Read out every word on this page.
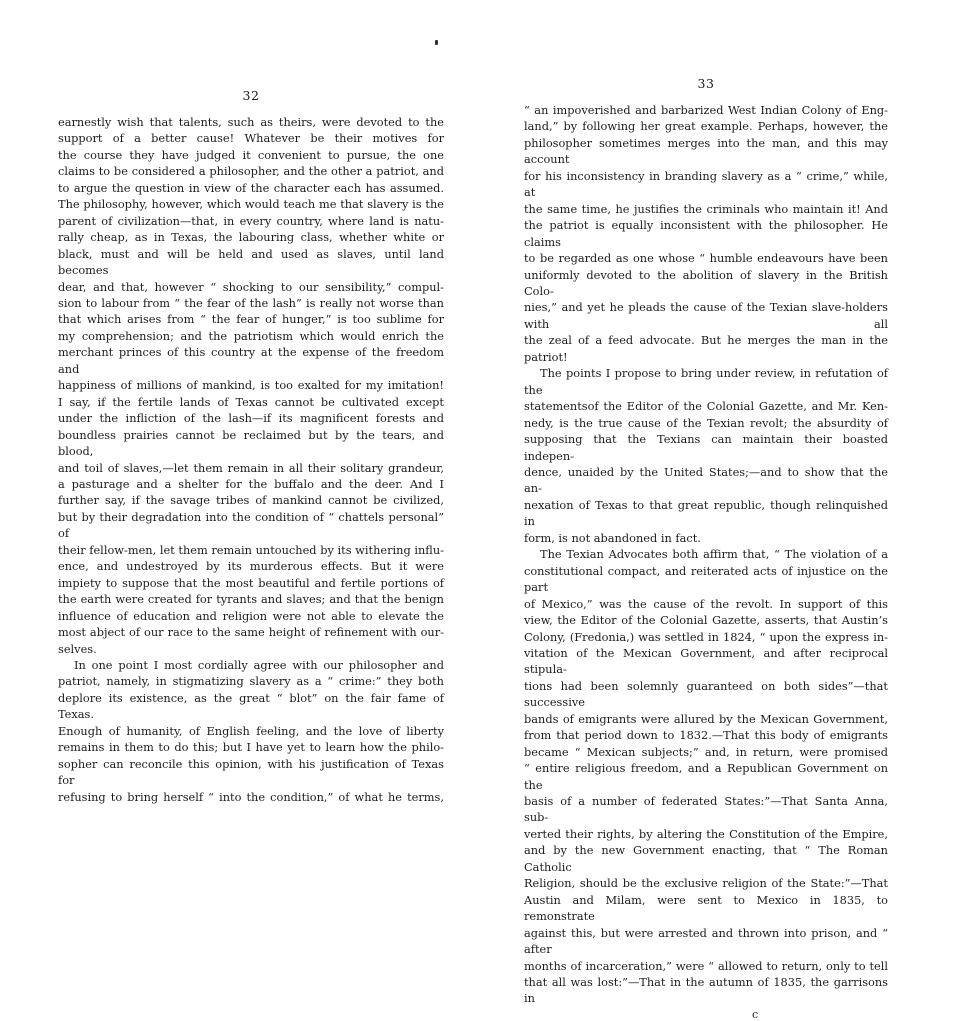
32

earnestly wish that talents, such as theirs, were devoted to the

support of a better cause! Whatever be their motives for

the course they have judged it convenient to pursue, the one

claims to be considered a philosopher, and the other a patriot, and

to argue the question in view of the character each has assumed.

The philosophy, however, which would teach me that slavery is the

parent of civilization—that, in every country, where land is natu-

rally cheap, as in Texas, the labouring class, whether white or

black, must and will be held and used as slaves, until land becomes

dear, and that, however “ shocking to our sensibility,” compul-

sion to labour from “ the fear of the lash” is really not worse than

that which arises from “ the fear of hunger,” is too sublime for

my comprehension; and the patriotism which would enrich the

merchant princes of this country at the expense of the freedom and

happiness of millions of mankind, is too exalted for my imitation!

I say, if the fertile lands of Texas cannot be cultivated except

under the infliction of the lash—if its magnificent forests and

boundless prairies cannot be reclaimed but by the tears, and blood,

and toil of slaves,—let them remain in all their solitary grandeur,

a pasturage and a shelter for the buffalo and the deer. And I

further say, if the savage tribes of mankind cannot be civilized,

but by their degradation into the condition of “ chattels personal” of

their fellow-men, let them remain untouched by its withering influ-

ence, and undestroyed by its murderous effects. But it were

impiety to suppose that the most beautiful and fertile portions of

the earth were created for tyrants and slaves; and that the benign

influence of education and religion were not able to elevate the

most abject of our race to the same height of refinement with our-

selves.

In one point I most cordially agree with our philosopher and

patriot, namely, in stigmatizing slavery as a “ crime:” they both

deplore its existence, as the great “ blot” on the fair fame of Texas.

Enough of humanity, of English feeling, and the love of liberty

remains in them to do this; but I have yet to learn how the philo-

sopher can reconcile this opinion, with his justification of Texas for

refusing to bring herself “ into the condition,” of what he terms,

33

“ an impoverished and barbarized West Indian Colony of Eng-

land,” by following her great example. Perhaps, however, the

philosopher sometimes merges into the man, and this may account

for his inconsistency in branding slavery as a “ crime,” while, at

the same time, he justifies the criminals who maintain it! And

the patriot is equally inconsistent with the philosopher. He claims

to be regarded as one whose “ humble endeavours have been

uniformly devoted to the abolition of slavery in the British Colo-

nies,” and yet he pleads the cause of the Texian slave-holders with all

the zeal of a feed advocate. But he merges the man in the patriot!

The points I propose to bring under review, in refutation of the

statementsof the Editor of the Colonial Gazette, and Mr. Ken-

nedy, is the true cause of the Texian revolt; the absurdity of

supposing that the Texians can maintain their boasted indepen-

dence, unaided by the United States;—and to show that the an-

nexation of Texas to that great republic, though relinquished in

form, is not abandoned in fact.

The Texian Advocates both affirm that, “ The violation of a

constitutional compact, and reiterated acts of injustice on the part

of Mexico,” was the cause of the revolt. In support of this

view, the Editor of the Colonial Gazette, asserts, that Austin’s

Colony, (Fredonia,) was settled in 1824, “ upon the express in-

vitation of the Mexican Government, and after reciprocal stipula-

tions had been solemnly guaranteed on both sides”—that successive

bands of emigrants were allured by the Mexican Government,

from that period down to 1832.—That this body of emigrants

became “ Mexican subjects;” and, in return, were promised

“ entire religious freedom, and a Republican Government on the

basis of a number of federated States:”—That Santa Anna, sub-

verted their rights, by altering the Constitution of the Empire,

and by the new Government enacting, that “ The Roman Catholic

Religion, should be the exclusive religion of the State:”—That

Austin and Milam, were sent to Mexico in 1835, to remonstrate

against this, but were arrested and thrown into prison, and “ after

months of incarceration,” were “ allowed to return, only to tell

that all was lost:”—That in the autumn of 1835, the garrisons in

c
